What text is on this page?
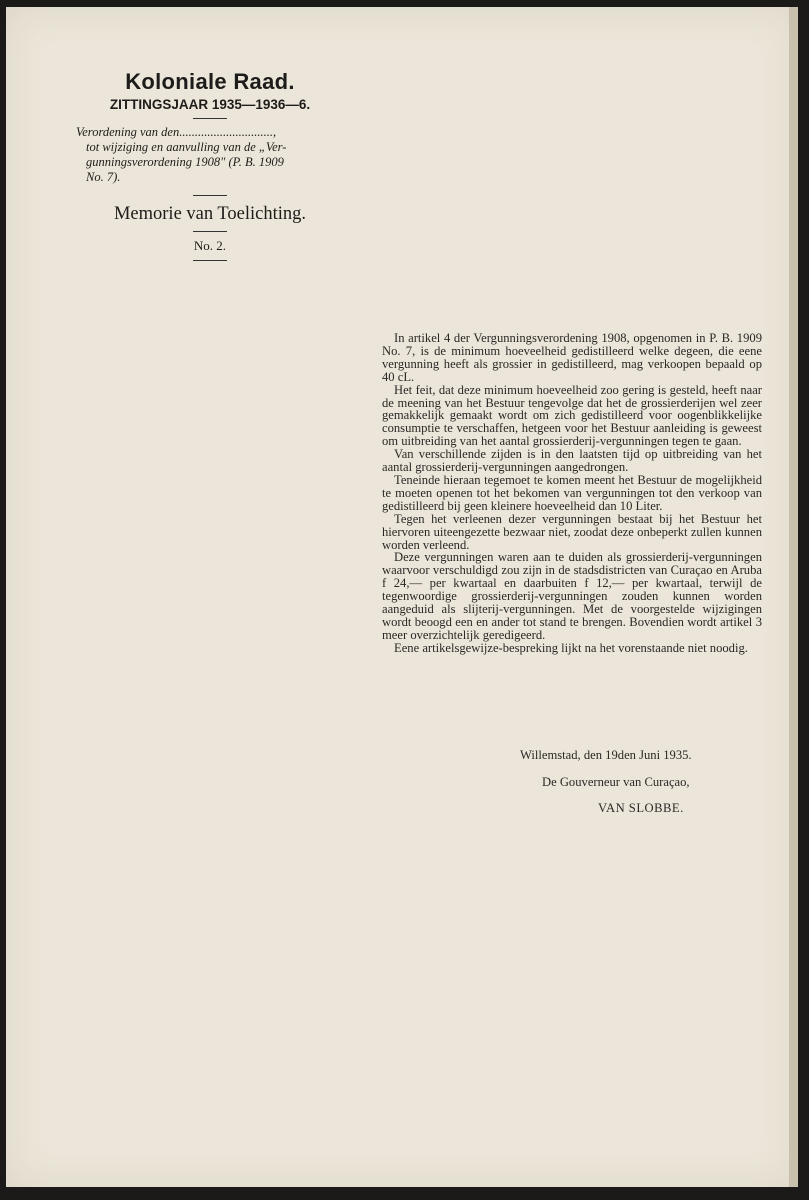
Koloniale Raad.
ZITTINGSJAAR 1935—1936—6.
Verordening van den..............................,
tot wijziging en aanvulling van de „Ver-
gunningsverordening 1908" (P. B. 1909
No. 7).
Memorie van Toelichting.
No. 2.

In artikel 4 der Vergunningsverordening 1908, opgenomen in P. B. 1909 No. 7, is de minimum hoeveelheid gedistilleerd welke degeen, die eene vergunning heeft als grossier in gedistilleerd, mag verkoopen bepaald op 40 cL.

Het feit, dat deze minimum hoeveelheid zoo gering is gesteld, heeft naar de meening van het Bestuur tengevolge dat het de grossierderijen wel zeer gemakkelijk gemaakt wordt om zich gedistilleerd voor oogenblikkelijke consumptie te verschaffen, hetgeen voor het Bestuur aanleiding is geweest om uitbreiding van het aantal grossierderij-vergunningen tegen te gaan.

Van verschillende zijden is in den laatsten tijd op uitbreiding van het aantal grossierderij-vergunningen aangedrongen.

Teneinde hieraan tegemoet te komen meent het Bestuur de mogelijkheid te moeten openen tot het bekomen van vergunningen tot den verkoop van gedistilleerd bij geen kleinere hoeveelheid dan 10 Liter.

Tegen het verleenen dezer vergunningen bestaat bij het Bestuur het hiervoren uiteengezette bezwaar niet, zoodat deze onbeperkt zullen kunnen worden verleend.

Deze vergunningen waren aan te duiden als grossierderij-vergunningen waarvoor verschuldigd zou zijn in de stadsdistricten van Curaçao en Aruba f 24,— per kwartaal en daarbuiten f 12,— per kwartaal, terwijl de tegenwoordige grossierderij-vergunningen zouden kunnen worden aangeduid als slijterij-vergunningen. Met de voorgestelde wijzigingen wordt beoogd een en ander tot stand te brengen. Bovendien wordt artikel 3 meer overzichtelijk geredigeerd.

Eene artikelsgewijze-bespreking lijkt na het vorenstaande niet noodig.

Willemstad, den 19den Juni 1935.
De Gouverneur van Curaçao,
VAN SLOBBE.
